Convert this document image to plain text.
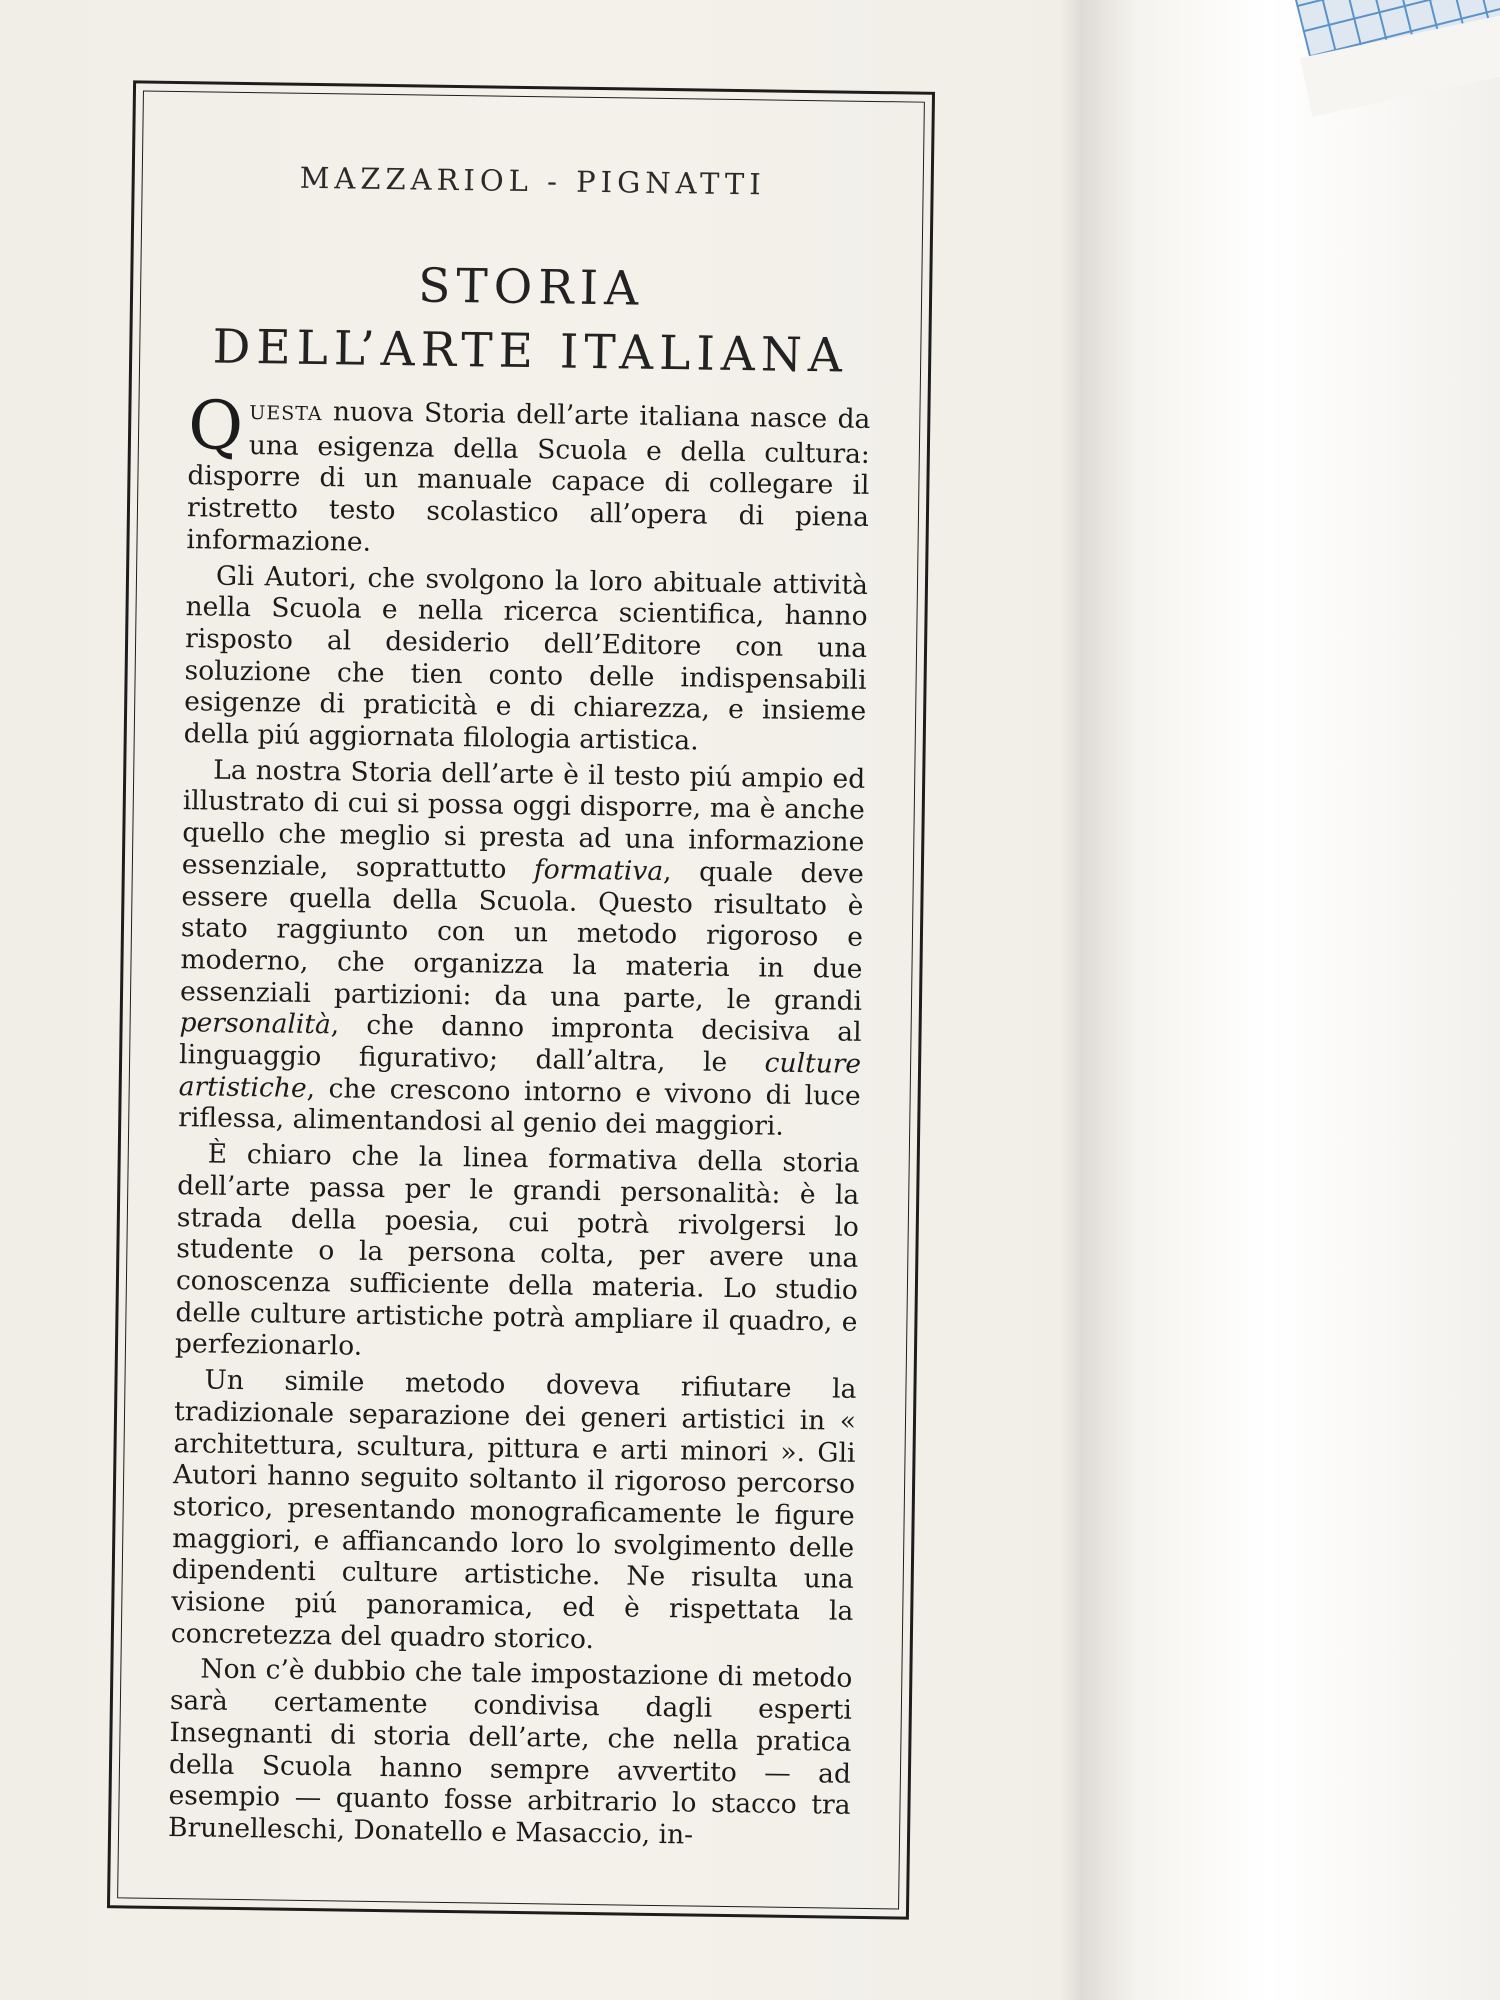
MAZZARIOL - PIGNATTI
STORIA
DELL’ARTE ITALIANA

QUESTA nuova Storia dell’arte italiana nasce da una esigenza della Scuola e della cultura: disporre di un manuale capace di collegare il ristretto testo scolastico all’opera di piena informazione.

Gli Autori, che svolgono la loro abituale attività nella Scuola e nella ricerca scientifica, hanno risposto al desiderio dell’Editore con una soluzione che tien conto delle indispensabili esigenze di praticità e di chiarezza, e insieme della piú aggiornata filologia artistica.

La nostra Storia dell’arte è il testo piú ampio ed illustrato di cui si possa oggi disporre, ma è anche quello che meglio si presta ad una informazione essenziale, soprattutto formativa, quale deve essere quella della Scuola. Questo risultato è stato raggiunto con un metodo rigoroso e moderno, che organizza la materia in due essenziali partizioni: da una parte, le grandi personalità, che danno impronta decisiva al linguaggio figurativo; dall’altra, le culture artistiche, che crescono intorno e vivono di luce riflessa, alimentandosi al genio dei maggiori.

È chiaro che la linea formativa della storia dell’arte passa per le grandi personalità: è la strada della poesia, cui potrà rivolgersi lo studente o la persona colta, per avere una conoscenza sufficiente della materia. Lo studio delle culture artistiche potrà ampliare il quadro, e perfezionarlo.

Un simile metodo doveva rifiutare la tradizionale separazione dei generi artistici in « architettura, scultura, pittura e arti minori ». Gli Autori hanno seguito soltanto il rigoroso percorso storico, presentando monograficamente le figure maggiori, e affiancando loro lo svolgimento delle dipendenti culture artistiche. Ne risulta una visione piú panoramica, ed è rispettata la concretezza del quadro storico.

Non c’è dubbio che tale impostazione di metodo sarà certamente condivisa dagli esperti Insegnanti di storia dell’arte, che nella pratica della Scuola hanno sempre avvertito — ad esempio — quanto fosse arbitrario lo stacco tra Brunelleschi, Donatello e Masaccio, in-
